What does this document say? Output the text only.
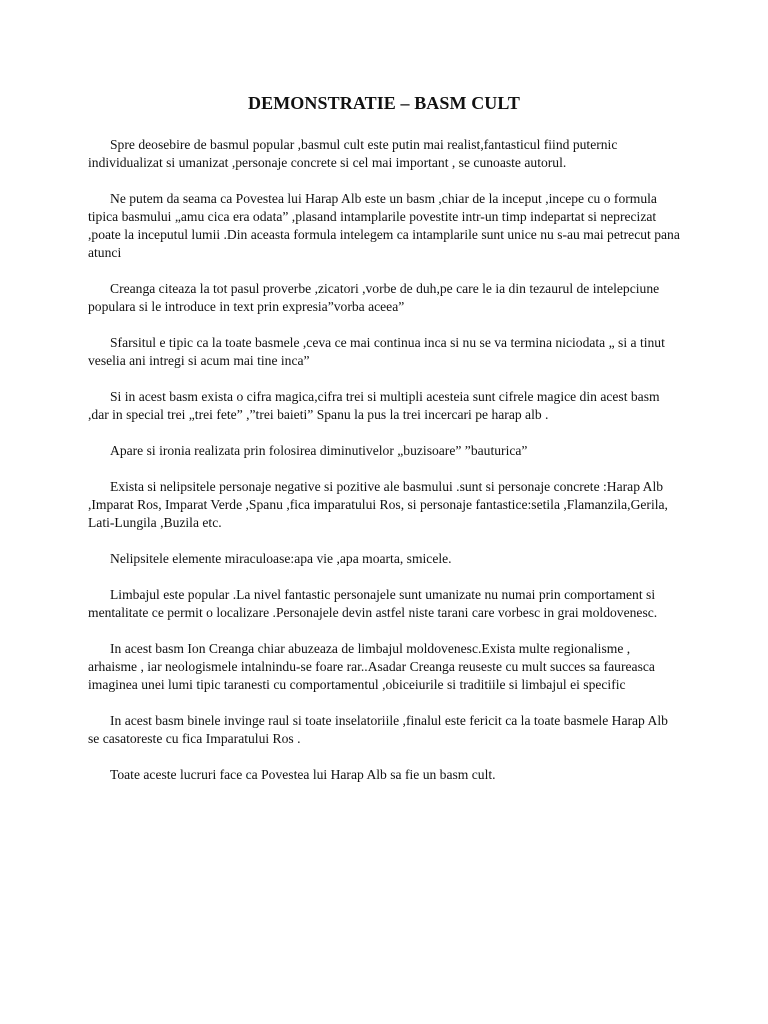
DEMONSTRATIE – BASM CULT

Spre deosebire de basmul popular ,basmul cult este putin mai realist,fantasticul fiind puternic individualizat si umanizat ,personaje concrete si cel mai important , se cunoaste autorul.

Ne putem da seama ca Povestea lui Harap Alb este un basm ,chiar de la inceput ,incepe cu o formula tipica basmului „amu cica era odata” ,plasand intamplarile povestite intr-un timp indepartat si neprecizat ,poate la inceputul lumii .Din aceasta formula intelegem ca intamplarile sunt unice nu s-au mai petrecut pana atunci

Creanga citeaza la tot pasul proverbe ,zicatori ,vorbe de duh,pe care le ia din tezaurul de intelepciune populara si le introduce in text prin expresia”vorba aceea”

Sfarsitul e tipic ca la toate basmele ,ceva ce mai continua inca si nu se va termina niciodata „ si a tinut veselia ani intregi si acum mai tine inca”

Si in acest basm exista o cifra magica,cifra trei si multipli acesteia sunt cifrele magice din acest basm ,dar in special trei „trei fete” ,”trei baieti” Spanu la pus la trei incercari pe harap alb .

Apare si ironia realizata prin folosirea diminutivelor „buzisoare” ”bauturica”

Exista si nelipsitele personaje negative si pozitive ale basmului .sunt si personaje concrete :Harap Alb ,Imparat Ros, Imparat Verde ,Spanu ,fica imparatului Ros, si personaje fantastice:setila ,Flamanzila,Gerila, Lati-Lungila ,Buzila etc.

Nelipsitele elemente miraculoase:apa vie ,apa moarta, smicele.

Limbajul este popular .La nivel fantastic personajele sunt umanizate nu numai prin comportament si mentalitate ce permit o localizare .Personajele devin astfel niste tarani care vorbesc in grai moldovenesc.

In acest basm Ion Creanga chiar abuzeaza de limbajul moldovenesc.Exista multe regionalisme , arhaisme , iar neologismele intalnindu-se foare rar..Asadar Creanga reuseste cu mult succes sa faureasca imaginea unei lumi tipic taranesti cu comportamentul ,obiceiurile si traditiile si limbajul ei specific

In acest basm binele invinge raul si toate inselatoriile ,finalul este fericit ca la toate basmele Harap Alb se casatoreste cu fica Imparatului Ros .

Toate aceste lucruri face ca Povestea lui Harap Alb sa fie un basm cult.
